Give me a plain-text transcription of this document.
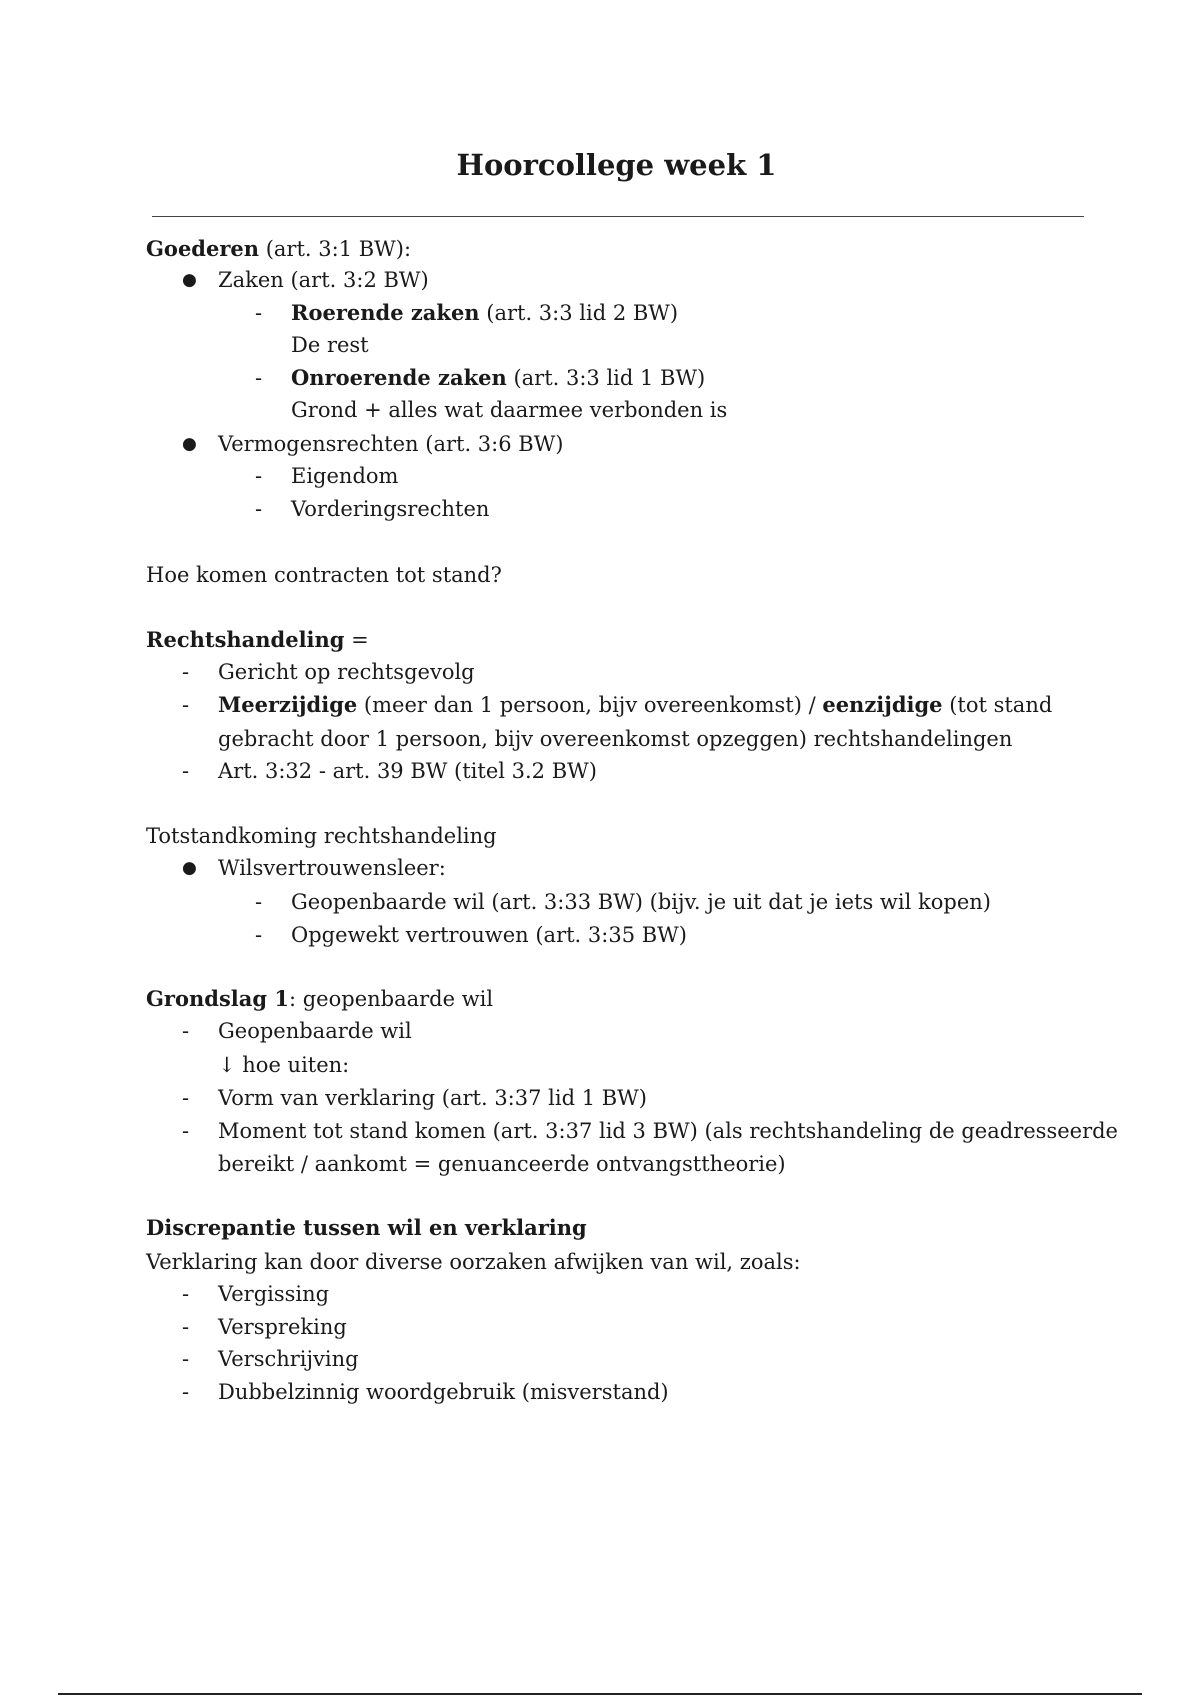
Hoorcollege week 1
Goederen (art. 3:1 BW):
● Zaken (art. 3:2 BW)
- Roerende zaken (art. 3:3 lid 2 BW)
De rest
- Onroerende zaken (art. 3:3 lid 1 BW)
Grond + alles wat daarmee verbonden is
● Vermogensrechten (art. 3:6 BW)
- Eigendom
- Vorderingsrechten
Hoe komen contracten tot stand?
Rechtshandeling =
- Gericht op rechtsgevolg
- Meerzijdige (meer dan 1 persoon, bijv overeenkomst) / eenzijdige (tot stand
gebracht door 1 persoon, bijv overeenkomst opzeggen) rechtshandelingen
- Art. 3:32 - art. 39 BW (titel 3.2 BW)
Totstandkoming rechtshandeling
● Wilsvertrouwensleer:
- Geopenbaarde wil (art. 3:33 BW) (bijv. je uit dat je iets wil kopen)
- Opgewekt vertrouwen (art. 3:35 BW)
Grondslag 1: geopenbaarde wil
- Geopenbaarde wil
↓ hoe uiten:
- Vorm van verklaring (art. 3:37 lid 1 BW)
- Moment tot stand komen (art. 3:37 lid 3 BW) (als rechtshandeling de geadresseerde
bereikt / aankomt = genuanceerde ontvangsttheorie)
Discrepantie tussen wil en verklaring
Verklaring kan door diverse oorzaken afwijken van wil, zoals:
- Vergissing
- Verspreking
- Verschrijving
- Dubbelzinnig woordgebruik (misverstand)
